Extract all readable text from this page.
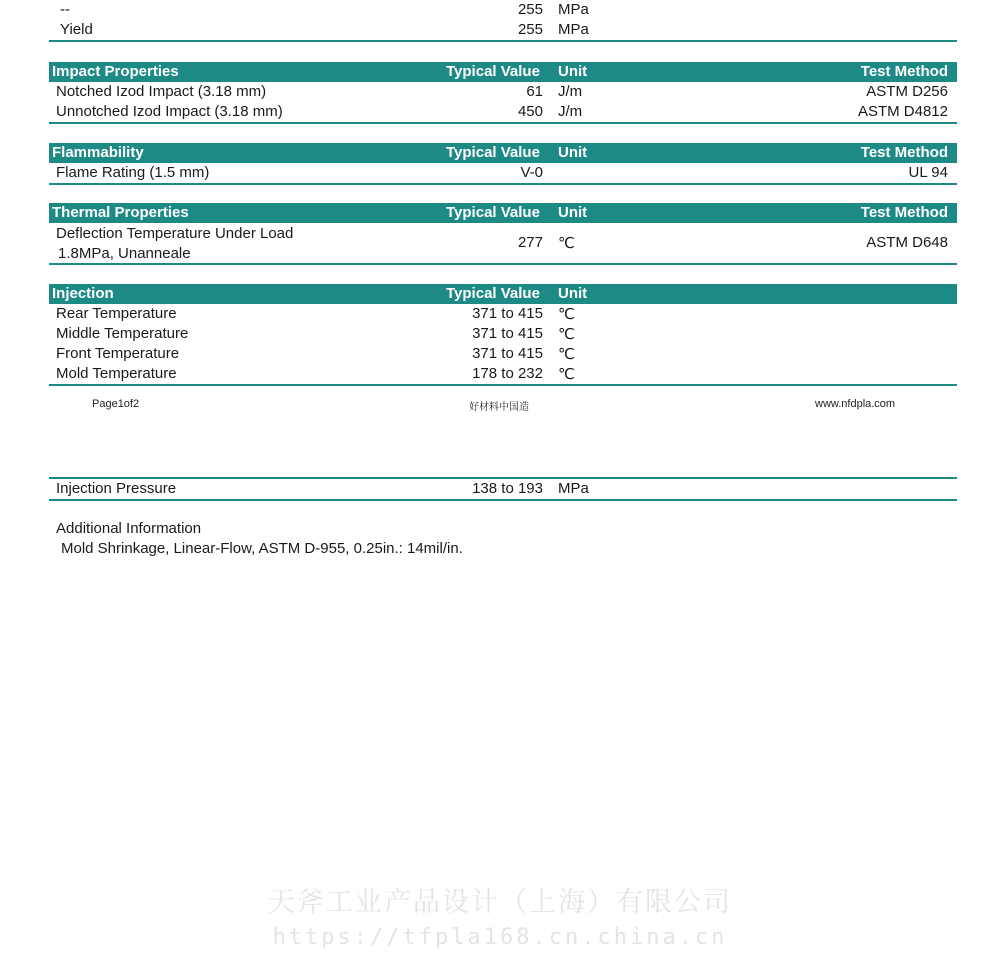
--	255 MPa
Yield	255 MPa
Impact Properties	Typical Value Unit	Test Method
Notched Izod Impact (3.18 mm)	61 J/m	ASTM D256
Unnotched Izod Impact (3.18 mm)	450 J/m	ASTM D4812
Flammability	Typical Value Unit	Test Method
Flame Rating (1.5 mm)	V-0	UL 94
Thermal Properties	Typical Value Unit	Test Method
Deflection Temperature Under Load
1.8MPa, Unanneale
277 ℃	ASTM D648
Injection	Typical Value Unit
Rear Temperature	371 to 415 ℃
Middle Temperature	371 to 415 ℃
Front Temperature	371 to 415 ℃
Mold Temperature	178 to 232 ℃
Page1of2	好材料中国造	www.nfdpla.com
Injection Pressure	138 to 193 MPa
Additional Information
Mold Shrinkage, Linear-Flow, ASTM D-955, 0.25in.: 14mil/in.
天斧工业产品设计（上海）有限公司
https://tfpla168.cn.china.cn
